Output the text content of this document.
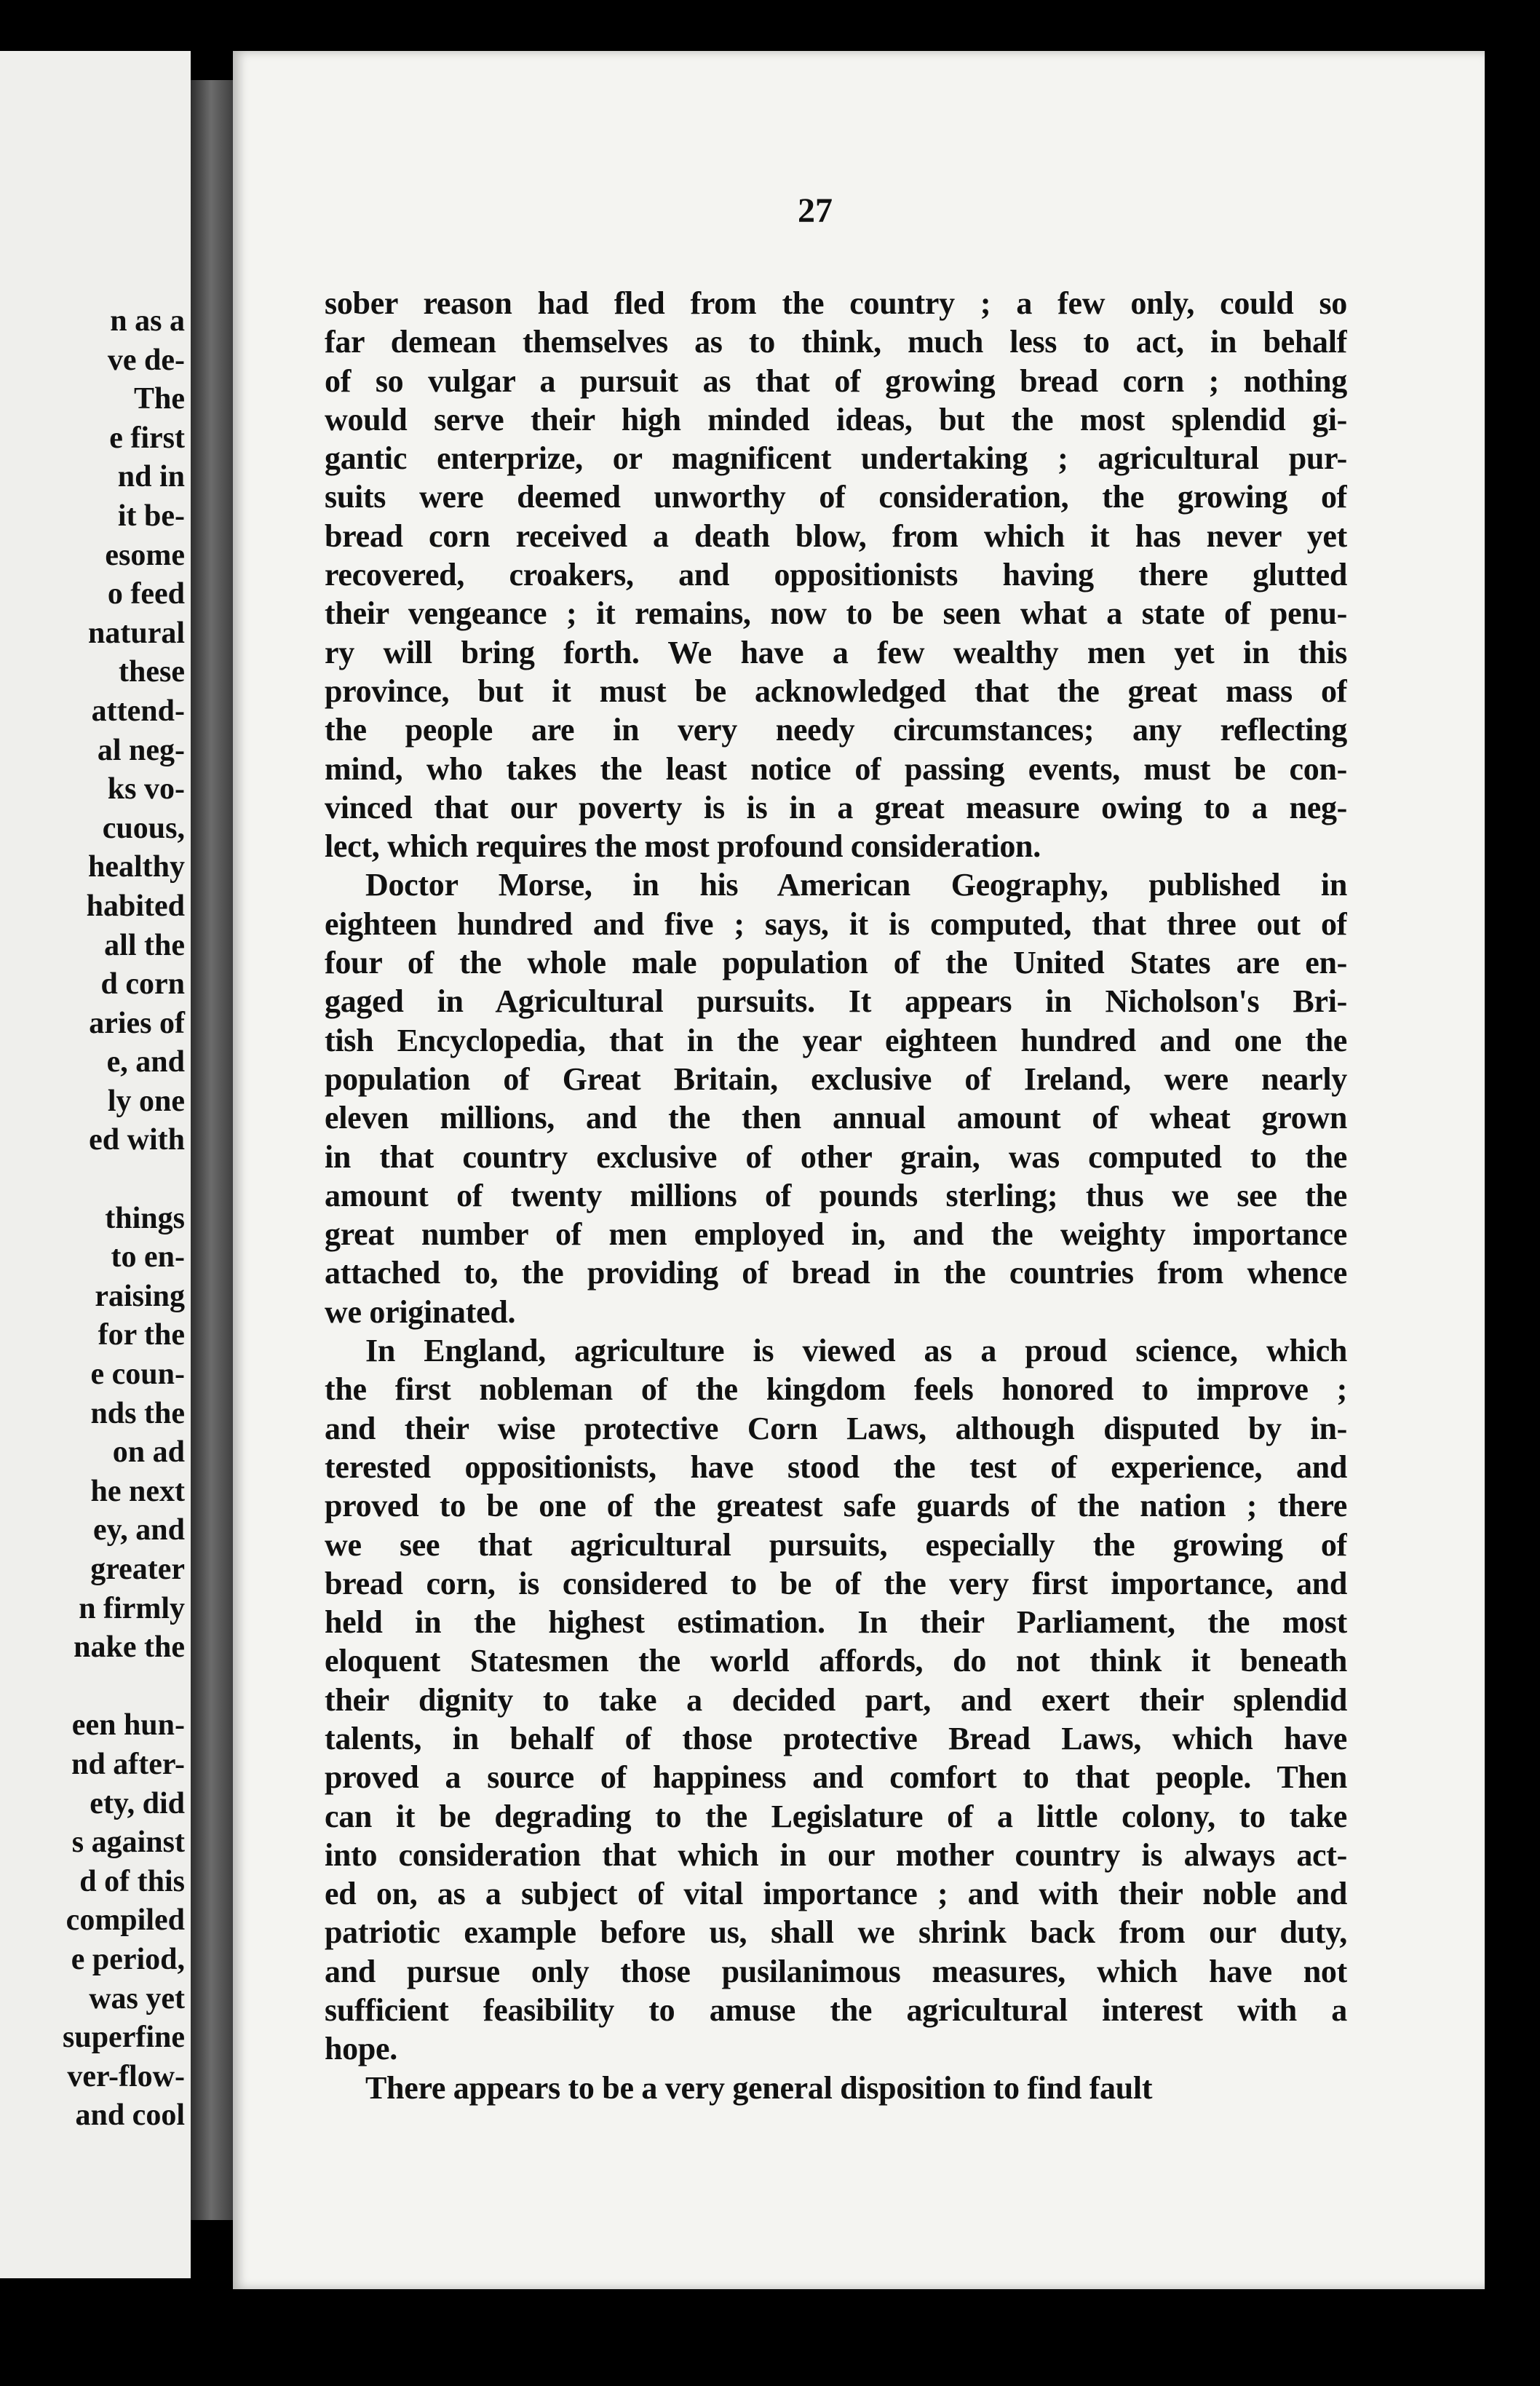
n as a
ve de-
The
e first
nd in
it be-
esome
o feed
natural
these
attend-
al neg-
ks vo-
cuous,
healthy
habited
all the
d corn
aries of
e, and
ly one
ed with
things
to en-
raising
for the
e coun-
nds the
on ad
he next
ey, and
greater
n firmly
nake the
een hun-
nd after-
ety, did
s against
d of this
compiled
e period,
was yet
superfine
ver-flow-
and cool
27
sober reason had fled from the country ; a few only, could so
far demean themselves as to think, much less to act, in behalf
of so vulgar a pursuit as that of growing bread corn ; nothing
would serve their high minded ideas, but the most splendid gi-
gantic enterprize, or magnificent undertaking ; agricultural pur-
suits were deemed unworthy of consideration, the growing of
bread corn received a death blow, from which it has never yet
recovered, croakers, and oppositionists having there glutted
their vengeance ; it remains, now to be seen what a state of penu-
ry will bring forth. We have a few wealthy men yet in this
province, but it must be acknowledged that the great mass of
the people are in very needy circumstances; any reflecting
mind, who takes the least notice of passing events, must be con-
vinced that our poverty is is in a great measure owing to a neg-
lect, which requires the most profound consideration.
Doctor Morse, in his American Geography, published in
eighteen hundred and five ; says, it is computed, that three out of
four of the whole male population of the United States are en-
gaged in Agricultural pursuits. It appears in Nicholson's Bri-
tish Encyclopedia, that in the year eighteen hundred and one the
population of Great Britain, exclusive of Ireland, were nearly
eleven millions, and the then annual amount of wheat grown
in that country exclusive of other grain, was computed to the
amount of twenty millions of pounds sterling; thus we see the
great number of men employed in, and the weighty importance
attached to, the providing of bread in the countries from whence
we originated.
In England, agriculture is viewed as a proud science, which
the first nobleman of the kingdom feels honored to improve ;
and their wise protective Corn Laws, although disputed by in-
terested oppositionists, have stood the test of experience, and
proved to be one of the greatest safe guards of the nation ; there
we see that agricultural pursuits, especially the growing of
bread corn, is considered to be of the very first importance, and
held in the highest estimation. In their Parliament, the most
eloquent Statesmen the world affords, do not think it beneath
their dignity to take a decided part, and exert their splendid
talents, in behalf of those protective Bread Laws, which have
proved a source of happiness and comfort to that people. Then
can it be degrading to the Legislature of a little colony, to take
into consideration that which in our mother country is always act-
ed on, as a subject of vital importance ; and with their noble and
patriotic example before us, shall we shrink back from our duty,
and pursue only those pusilanimous measures, which have not
sufficient feasibility to amuse the agricultural interest with a
hope.
There appears to be a very general disposition to find fault
